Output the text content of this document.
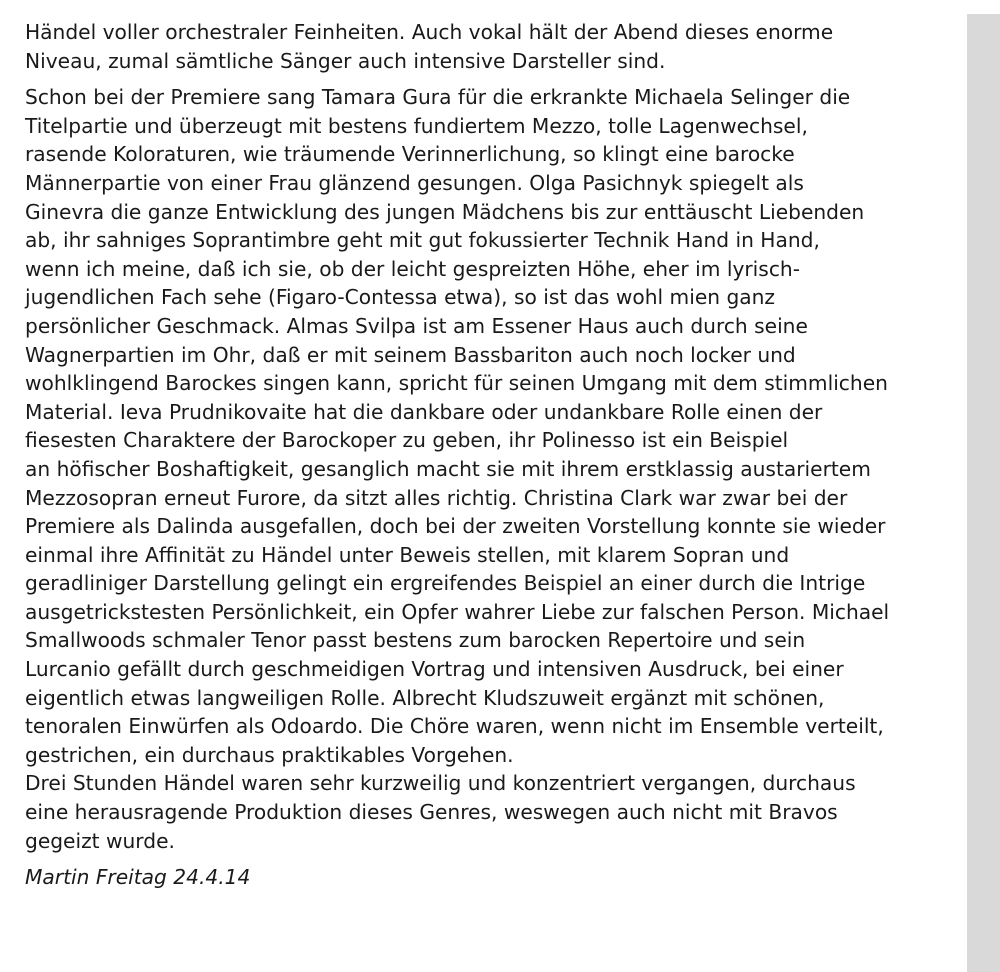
Händel voller orchestraler Feinheiten. Auch vokal hält der Abend dieses enorme
Niveau, zumal sämtliche Sänger auch intensive Darsteller sind.

Schon bei der Premiere sang Tamara Gura für die erkrankte Michaela Selinger die
Titelpartie und überzeugt mit bestens fundiertem Mezzo, tolle Lagenwechsel,
rasende Koloraturen, wie träumende Verinnerlichung, so klingt eine barocke
Männerpartie von einer Frau glänzend gesungen. Olga Pasichnyk spiegelt als
Ginevra die ganze Entwicklung des jungen Mädchens bis zur enttäuscht Liebenden
ab, ihr sahniges Soprantimbre geht mit gut fokussierter Technik Hand in Hand,
wenn ich meine, daß ich sie, ob der leicht gespreizten Höhe, eher im lyrisch-
jugendlichen Fach sehe (Figaro-Contessa etwa), so ist das wohl mien ganz
persönlicher Geschmack. Almas Svilpa ist am Essener Haus auch durch seine
Wagnerpartien im Ohr, daß er mit seinem Bassbariton auch noch locker und
wohlklingend Barockes singen kann, spricht für seinen Umgang mit dem stimmlichen
Material. Ieva Prudnikovaite hat die dankbare oder undankbare Rolle einen der
fiesesten Charaktere der Barockoper zu geben, ihr Polinesso ist ein Beispiel
an höfischer Boshaftigkeit, gesanglich macht sie mit ihrem erstklassig austariertem
Mezzosopran erneut Furore, da sitzt alles richtig. Christina Clark war zwar bei der
Premiere als Dalinda ausgefallen, doch bei der zweiten Vorstellung konnte sie wieder
einmal ihre Affinität zu Händel unter Beweis stellen, mit klarem Sopran und
geradliniger Darstellung gelingt ein ergreifendes Beispiel an einer durch die Intrige
ausgetrickstesten Persönlichkeit, ein Opfer wahrer Liebe zur falschen Person. Michael
Smallwoods schmaler Tenor passt bestens zum barocken Repertoire und sein
Lurcanio gefällt durch geschmeidigen Vortrag und intensiven Ausdruck, bei einer
eigentlich etwas langweiligen Rolle. Albrecht Kludszuweit ergänzt mit schönen,
tenoralen Einwürfen als Odoardo. Die Chöre waren, wenn nicht im Ensemble verteilt,
gestrichen, ein durchaus praktikables Vorgehen.
Drei Stunden Händel waren sehr kurzweilig und konzentriert vergangen, durchaus
eine herausragende Produktion dieses Genres, weswegen auch nicht mit Bravos
gegeizt wurde.

Martin Freitag 24.4.14
